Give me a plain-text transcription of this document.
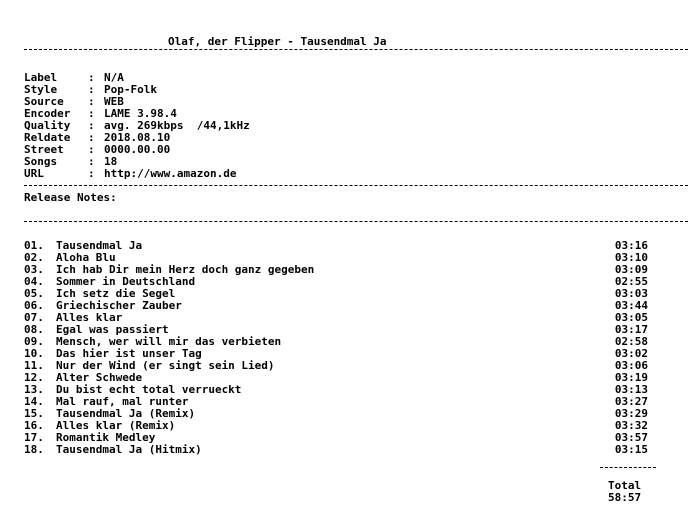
Olaf, der Flipper - Tausendmal Ja
Label	: N/A
Style	: Pop-Folk
Source : WEB
Encoder : LAME 3.98.4
Quality : avg. 269kbps  /44,1kHz
Reldate : 2018.08.10
Street : 0000.00.00
Songs	: 18
URL	: http://www.amazon.de
Release Notes:
01. Tausendmal Ja	03:16
02. Aloha Blu	03:10
03. Ich hab Dir mein Herz doch ganz gegeben	03:09
04. Sommer in Deutschland	02:55
05. Ich setz die Segel	03:03
06. Griechischer Zauber	03:44
07. Alles klar	03:05
08. Egal was passiert	03:17
09. Mensch, wer will mir das verbieten	02:58
10. Das hier ist unser Tag	03:02
11. Nur der Wind (er singt sein Lied)	03:06
12. Alter Schwede	03:19
13. Du bist echt total verrueckt	03:13
14. Mal rauf, mal runter	03:27
15. Tausendmal Ja (Remix)	03:29
16. Alles klar (Remix)	03:32
17. Romantik Medley	03:57
18. Tausendmal Ja (Hitmix)	03:15
Total
58:57
